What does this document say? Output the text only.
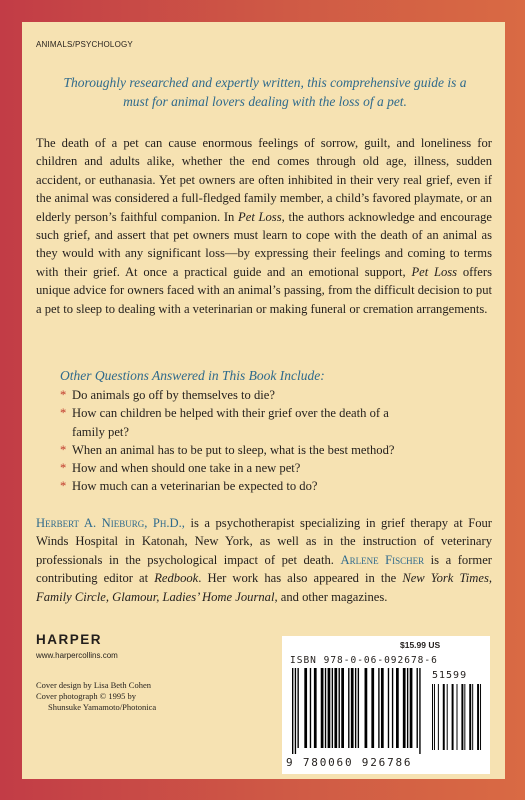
ANIMALS/PSYCHOLOGY
Thoroughly researched and expertly written, this comprehensive guide is a must for animal lovers dealing with the loss of a pet.

The death of a pet can cause enormous feelings of sorrow, guilt, and loneliness for children and adults alike, whether the end comes through old age, illness, sudden accident, or euthanasia. Yet pet owners are often inhibited in their very real grief, even if the animal was considered a full-fledged family member, a child’s favored playmate, or an elderly person’s faithful companion. In Pet Loss, the authors acknowledge and encourage such grief, and assert that pet owners must learn to cope with the death of an animal as they would with any significant loss—by expressing their feelings and coming to terms with their grief. At once a practical guide and an emotional support, Pet Loss offers unique advice for owners faced with an animal’s passing, from the difficult decision to put a pet to sleep to dealing with a veterinarian or making funeral or cremation arrangements.

Other Questions Answered in This Book Include:
* Do animals go off by themselves to die?
* How can children be helped with their grief over the death of a family pet?
* When an animal has to be put to sleep, what is the best method?
* How and when should one take in a new pet?
* How much can a veterinarian be expected to do?

Herbert A. Nieburg, Ph.D., is a psychotherapist specializing in grief therapy at Four Winds Hospital in Katonah, New York, as well as in the instruction of veterinary professionals in the psychological impact of pet death. Arlene Fischer is a former contributing editor at Redbook. Her work has also appeared in the New York Times, Family Circle, Glamour, Ladies’ Home Journal, and other magazines.

HARPER
www.harpercollins.com
Cover design by Lisa Beth Cohen
Cover photograph © 1995 by
Shunsuke Yamamoto/Photonica
$15.99 US
ISBN 978-0-06-092678-6
51599
9 780060 926786
